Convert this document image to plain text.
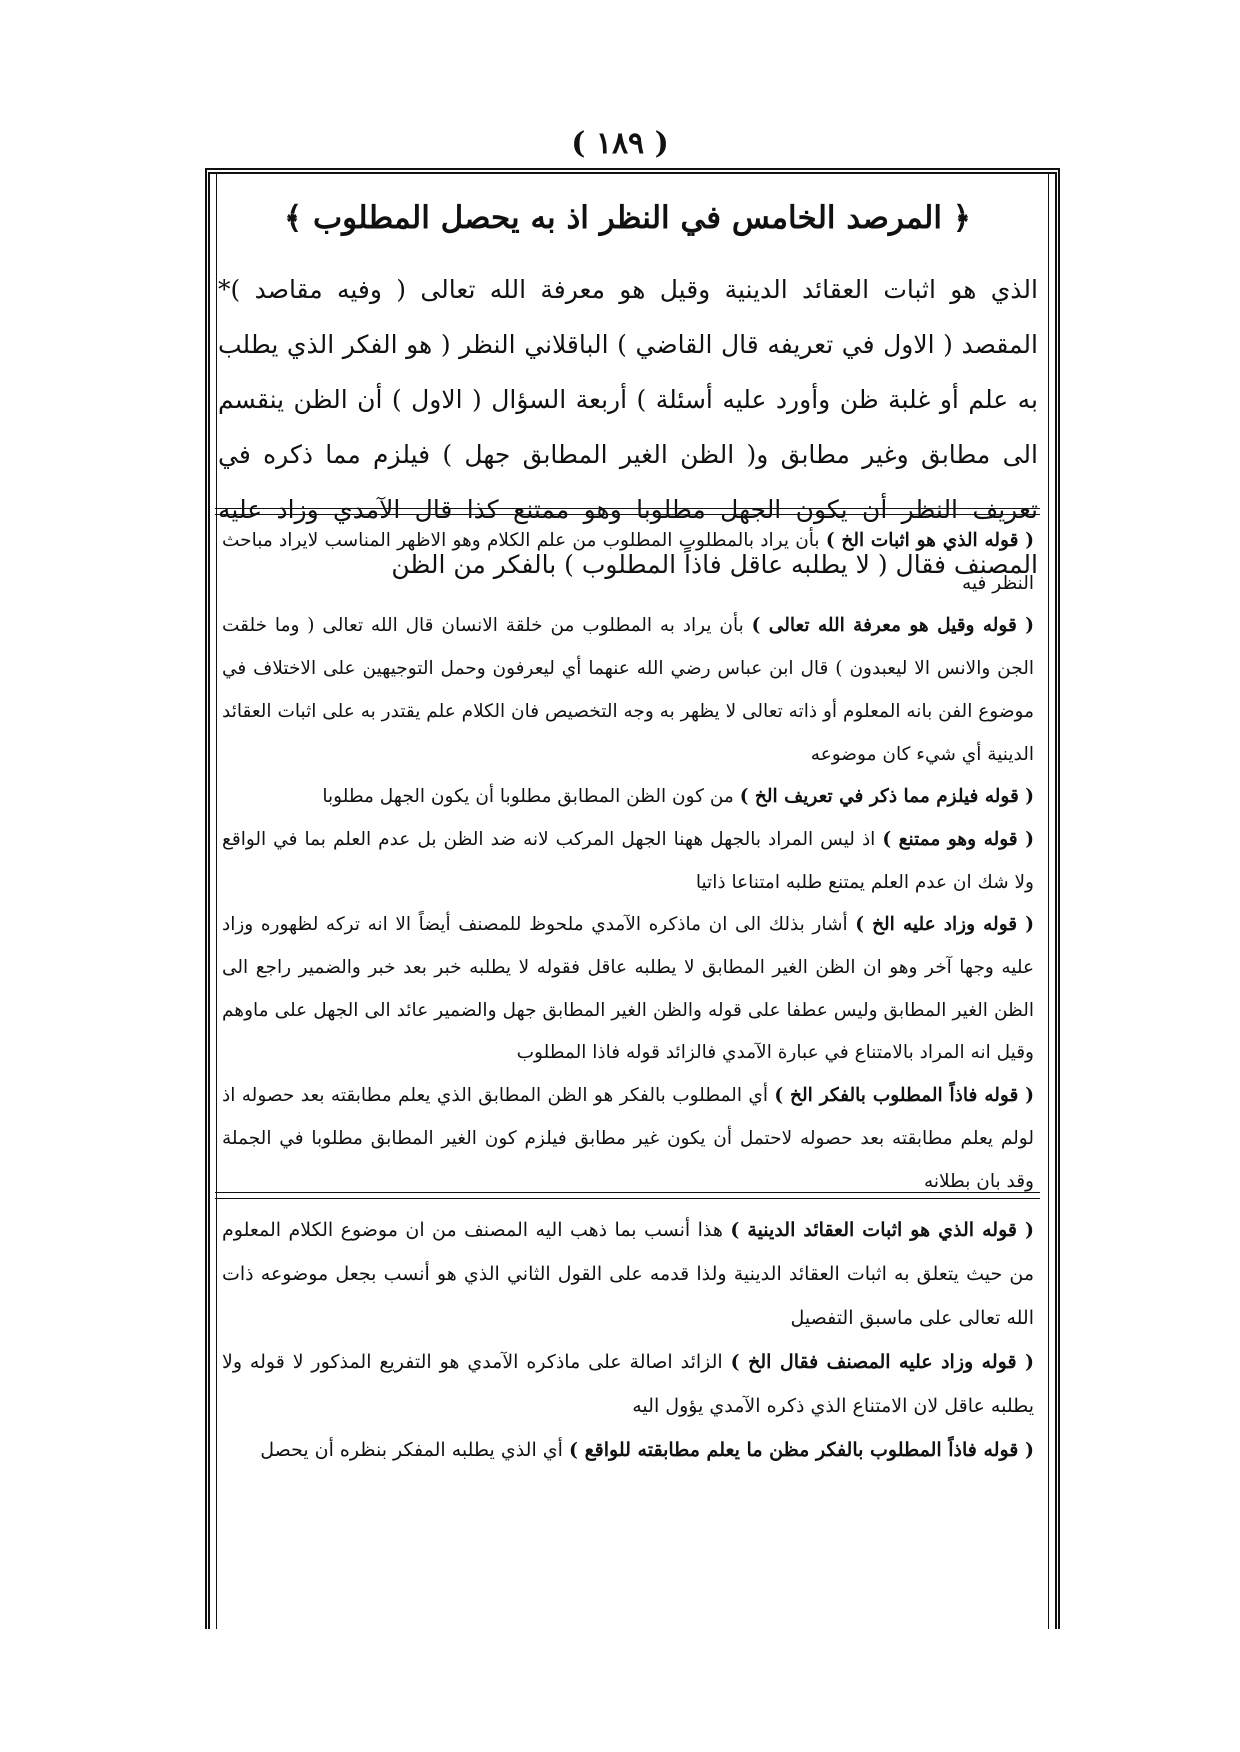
( ١٨٩ )
﴿ المرصد الخامس في النظر اذ به يحصل المطلوب ﴾

الذي هو اثبات العقائد الدينية وقيل هو معرفة الله تعالى ( وفيه مقاصد )* المقصد ( الاول في تعريفه قال القاضي ) الباقلاني النظر ( هو الفكر الذي يطلب به علم أو غلبة ظن وأورد عليه أسئلة ) أربعة السؤال ( الاول ) أن الظن ينقسم الى مطابق وغير مطابق و( الظن الغير المطابق جهل ) فيلزم مما ذكره في تعريف النظر أن يكون الجهل مطلوبا وهو ممتنع كذا قال الآمدي وزاد عليه المصنف فقال ( لا يطلبه عاقل فاذاً المطلوب ) بالفكر من الظن

( قوله الذي هو اثبات الخ ) بأن يراد بالمطلوب المطلوب من علم الكلام وهو الاظهر المناسب لايراد مباحث النظر فيه

( قوله وقيل هو معرفة الله تعالى ) بأن يراد به المطلوب من خلقة الانسان قال الله تعالى ( وما خلقت الجن والانس الا ليعبدون ) قال ابن عباس رضي الله عنهما أي ليعرفون وحمل التوجيهين على الاختلاف في موضوع الفن بانه المعلوم أو ذاته تعالى لا يظهر به وجه التخصيص فان الكلام علم يقتدر به على اثبات العقائد الدينية أي شيء كان موضوعه

( قوله فيلزم مما ذكر في تعريف الخ ) من كون الظن المطابق مطلوبا أن يكون الجهل مطلوبا

( قوله وهو ممتنع ) اذ ليس المراد بالجهل ههنا الجهل المركب لانه ضد الظن بل عدم العلم بما في الواقع ولا شك ان عدم العلم يمتنع طلبه امتناعا ذاتيا

( قوله وزاد عليه الخ ) أشار بذلك الى ان ماذكره الآمدي ملحوظ للمصنف أيضاً الا انه تركه لظهوره وزاد عليه وجها آخر وهو ان الظن الغير المطابق لا يطلبه عاقل فقوله لا يطلبه خبر بعد خبر والضمير راجع الى الظن الغير المطابق وليس عطفا على قوله والظن الغير المطابق جهل والضمير عائد الى الجهل على ماوهم وقيل انه المراد بالامتناع في عبارة الآمدي فالزائد قوله فاذا المطلوب

( قوله فاذاً المطلوب بالفكر الخ ) أي المطلوب بالفكر هو الظن المطابق الذي يعلم مطابقته بعد حصوله اذ لولم يعلم مطابقته بعد حصوله لاحتمل أن يكون غير مطابق فيلزم كون الغير المطابق مطلوبا في الجملة وقد بان بطلانه

( قوله الذي هو اثبات العقائد الدينية ) هذا أنسب بما ذهب اليه المصنف من ان موضوع الكلام المعلوم من حيث يتعلق به اثبات العقائد الدينية ولذا قدمه على القول الثاني الذي هو أنسب بجعل موضوعه ذات الله تعالى على ماسبق التفصيل

( قوله وزاد عليه المصنف فقال الخ ) الزائد اصالة على ماذكره الآمدي هو التفريع المذكور لا قوله ولا يطلبه عاقل لان الامتناع الذي ذكره الآمدي يؤول اليه

( قوله فاذاً المطلوب بالفكر مظن ما يعلم مطابقته للواقع ) أي الذي يطلبه المفكر بنظره أن يحصل
